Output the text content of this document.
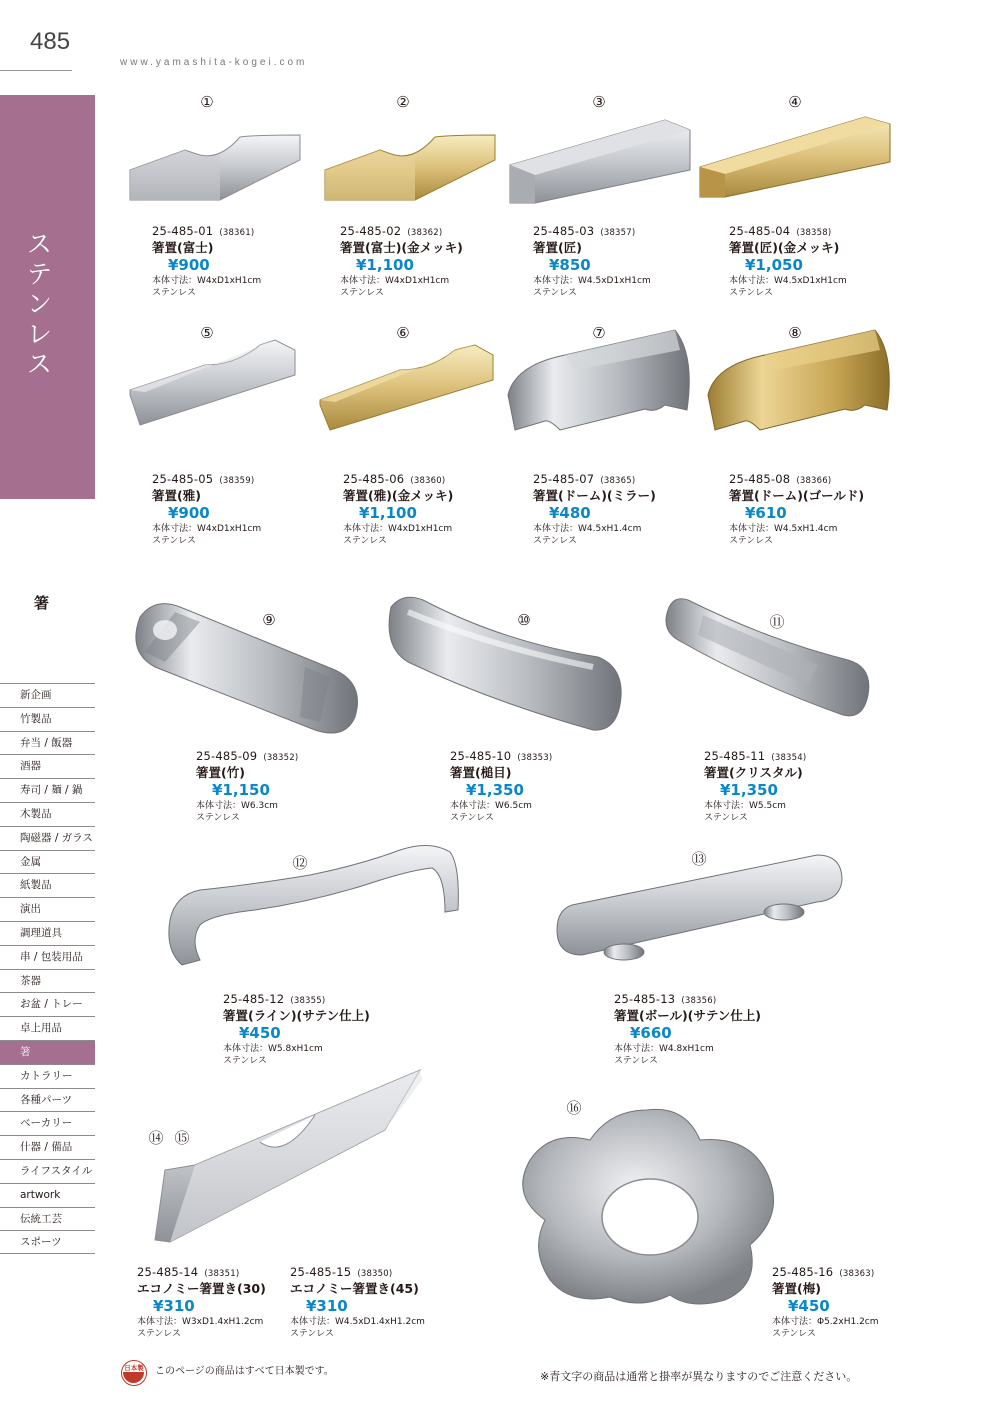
485
www.yamashita-kogei.com
ステンレス
箸
新企画
竹製品
弁当 / 飯器
酒器
寿司 / 麺 / 鍋
木製品
陶磁器 / ガラス
金属
紙製品
演出
調理道具
串 / 包装用品
茶器
お盆 / トレー
卓上用品
箸
カトラリー
各種パーツ
ベーカリー
什器 / 備品
ライフスタイル
artwork
伝統工芸
スポーツ
①	②	③	④
25-485-01 (38361)
箸置(富士)
¥900
本体寸法：W4xD1xH1cm
ステンレス
25-485-02 (38362)
箸置(富士)(金メッキ)
¥1,100
本体寸法：W4xD1xH1cm
ステンレス
25-485-03 (38357)
箸置(匠)
¥850
本体寸法：W4.5xD1xH1cm
ステンレス
25-485-04 (38358)
箸置(匠)(金メッキ)
¥1,050
本体寸法：W4.5xD1xH1cm
ステンレス
⑤	⑥	⑦	⑧
25-485-05 (38359)
箸置(雅)
¥900
本体寸法：W4xD1xH1cm
ステンレス
25-485-06 (38360)
箸置(雅)(金メッキ)
¥1,100
本体寸法：W4xD1xH1cm
ステンレス
25-485-07 (38365)
箸置(ドーム)(ミラー)
¥480
本体寸法：W4.5xH1.4cm
ステンレス
25-485-08 (38366)
箸置(ドーム)(ゴールド)
¥610
本体寸法：W4.5xH1.4cm
ステンレス
⑨	⑩	⑪
25-485-09 (38352)
箸置(竹)
¥1,150
本体寸法：W6.3cm
ステンレス
25-485-10 (38353)
箸置(槌目)
¥1,350
本体寸法：W6.5cm
ステンレス
25-485-11 (38354)
箸置(クリスタル)
¥1,350
本体寸法：W5.5cm
ステンレス
⑫	⑬
25-485-12 (38355)
箸置(ライン)(サテン仕上)
¥450
本体寸法：W5.8xH1cm
ステンレス
25-485-13 (38356)
箸置(ボール)(サテン仕上)
¥660
本体寸法：W4.8xH1cm
ステンレス
⑭ ⑮
⑯
25-485-14 (38351)
エコノミー箸置き(30)
¥310
本体寸法：W3xD1.4xH1.2cm
ステンレス
25-485-15 (38350)
エコノミー箸置き(45)
¥310
本体寸法：W4.5xD1.4xH1.2cm
ステンレス
25-485-16 (38363)
箸置(梅)
¥450
本体寸法：Φ5.2xH1.2cm
ステンレス
日本製	このページの商品はすべて日本製です。	※青文字の商品は通常と掛率が異なりますのでご注意ください。
